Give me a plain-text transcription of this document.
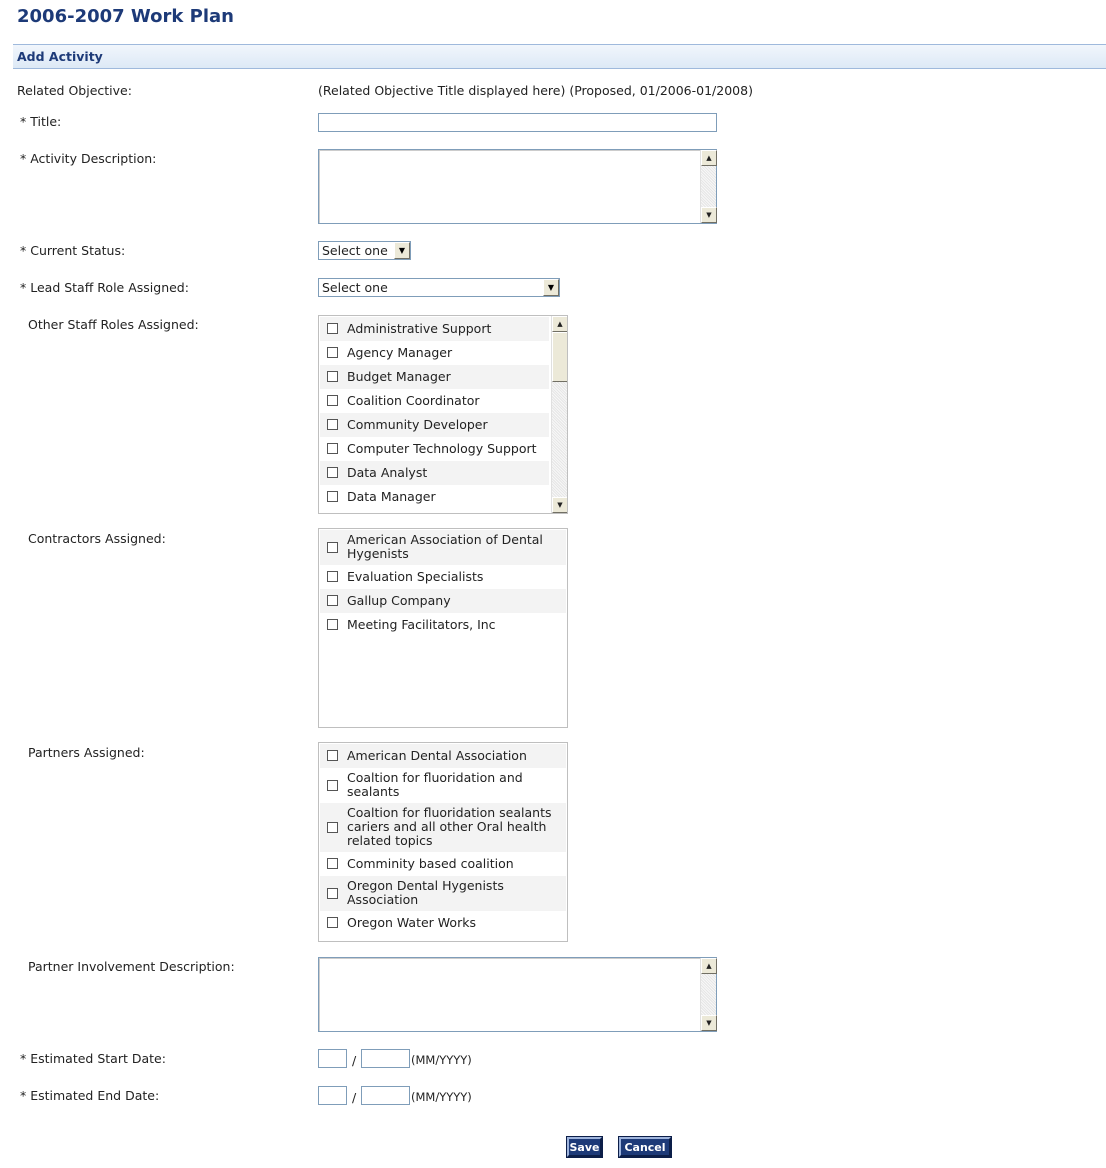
2006-2007 Work Plan
Add Activity
Related Objective:	(Related Objective Title displayed here) (Proposed, 01/2006-01/2008)
* Title:
* Activity Description:	▲
▼
* Current Status:	Select one	▼
* Lead Staff Role Assigned:	Select one	▼
Other Staff Roles Assigned:	Administrative Support
Agency Manager
Budget Manager
Coalition Coordinator
Community Developer
Computer Technology Support
Data Analyst
Data Manager
▲
▼
Contractors Assigned:	American Association of Dental Hygenists
Evaluation Specialists
Gallup Company
Meeting Facilitators, Inc
Partners Assigned:	American Dental Association
Coaltion for fluoridation and sealants
Coaltion for fluoridation sealants cariers and all other Oral health related topics
Comminity based coalition
Oregon Dental Hygenists Association
Oregon Water Works
Partner Involvement Description:	▲
▼
* Estimated Start Date:	/	(MM/YYYY)
* Estimated End Date:	/	(MM/YYYY)
Save	Cancel
